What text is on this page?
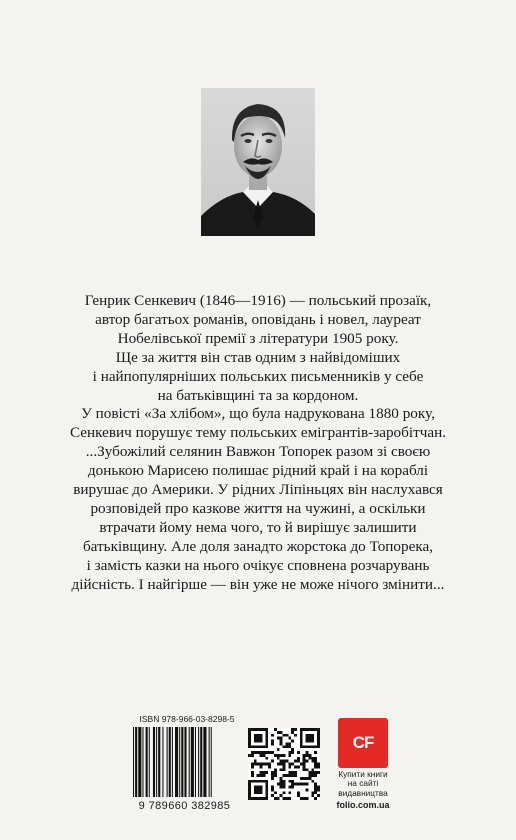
Генрик Сенкевич (1846—1916) — польський прозаїк,
автор багатьох романів, оповідань і новел, лауреат
Нобелівської премії з літератури 1905 року.

Ще за життя він став одним з найвідоміших
і найпопулярніших польських письменників у себе
на батьківщині та за кордоном.

У повісті «За хлібом», що була надрукована 1880 року,
Сенкевич порушує тему польських емігрантів-заробітчан.

...Зубожілий селянин Вавжон Топорек разом зі своєю
донькою Марисею полишає рідний край і на кораблі
вирушає до Америки. У рідних Ліпіньцях він наслухався
розповідей про казкове життя на чужині, а оскільки
втрачати йому нема чого, то й вирішує залишити
батьківщину. Але доля занадто жорстока до Топорека,
і замість казки на нього очікує сповнена розчарувань
дійсність. І найгірше — він уже не може нічого змінити...

ISBN 978-966-03-8298-5
9 789660 382985
CF
Купити книги
на сайті
видавництва
folio.com.ua
